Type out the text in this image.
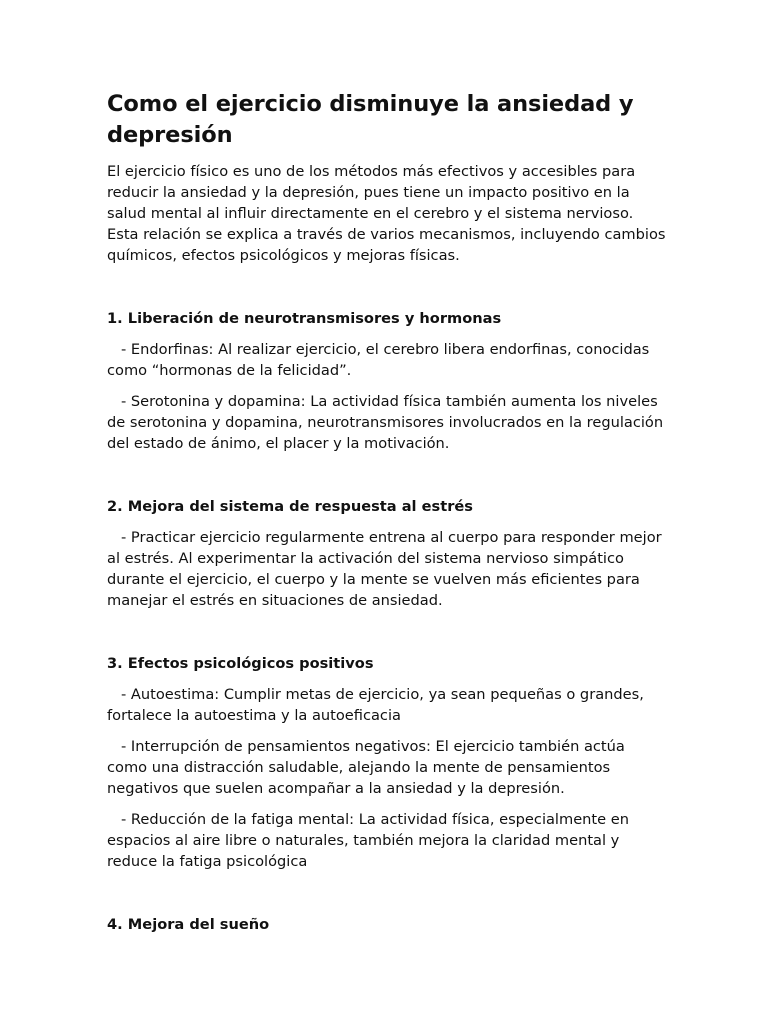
Como el ejercicio disminuye la ansiedad y depresión

El ejercicio físico es uno de los métodos más efectivos y accesibles para reducir la ansiedad y la depresión, pues tiene un impacto positivo en la salud mental al influir directamente en el cerebro y el sistema nervioso. Esta relación se explica a través de varios mecanismos, incluyendo cambios químicos, efectos psicológicos y mejoras físicas.

1. Liberación de neurotransmisores y hormonas

- Endorfinas: Al realizar ejercicio, el cerebro libera endorfinas, conocidas como “hormonas de la felicidad”.

- Serotonina y dopamina: La actividad física también aumenta los niveles de serotonina y dopamina, neurotransmisores involucrados en la regulación del estado de ánimo, el placer y la motivación.

2. Mejora del sistema de respuesta al estrés

- Practicar ejercicio regularmente entrena al cuerpo para responder mejor al estrés. Al experimentar la activación del sistema nervioso simpático durante el ejercicio, el cuerpo y la mente se vuelven más eficientes para manejar el estrés en situaciones de ansiedad.

3. Efectos psicológicos positivos

- Autoestima: Cumplir metas de ejercicio, ya sean pequeñas o grandes, fortalece la autoestima y la autoeficacia

- Interrupción de pensamientos negativos: El ejercicio también actúa como una distracción saludable, alejando la mente de pensamientos negativos que suelen acompañar a la ansiedad y la depresión.

- Reducción de la fatiga mental: La actividad física, especialmente en espacios al aire libre o naturales, también mejora la claridad mental y reduce la fatiga psicológica

4. Mejora del sueño
